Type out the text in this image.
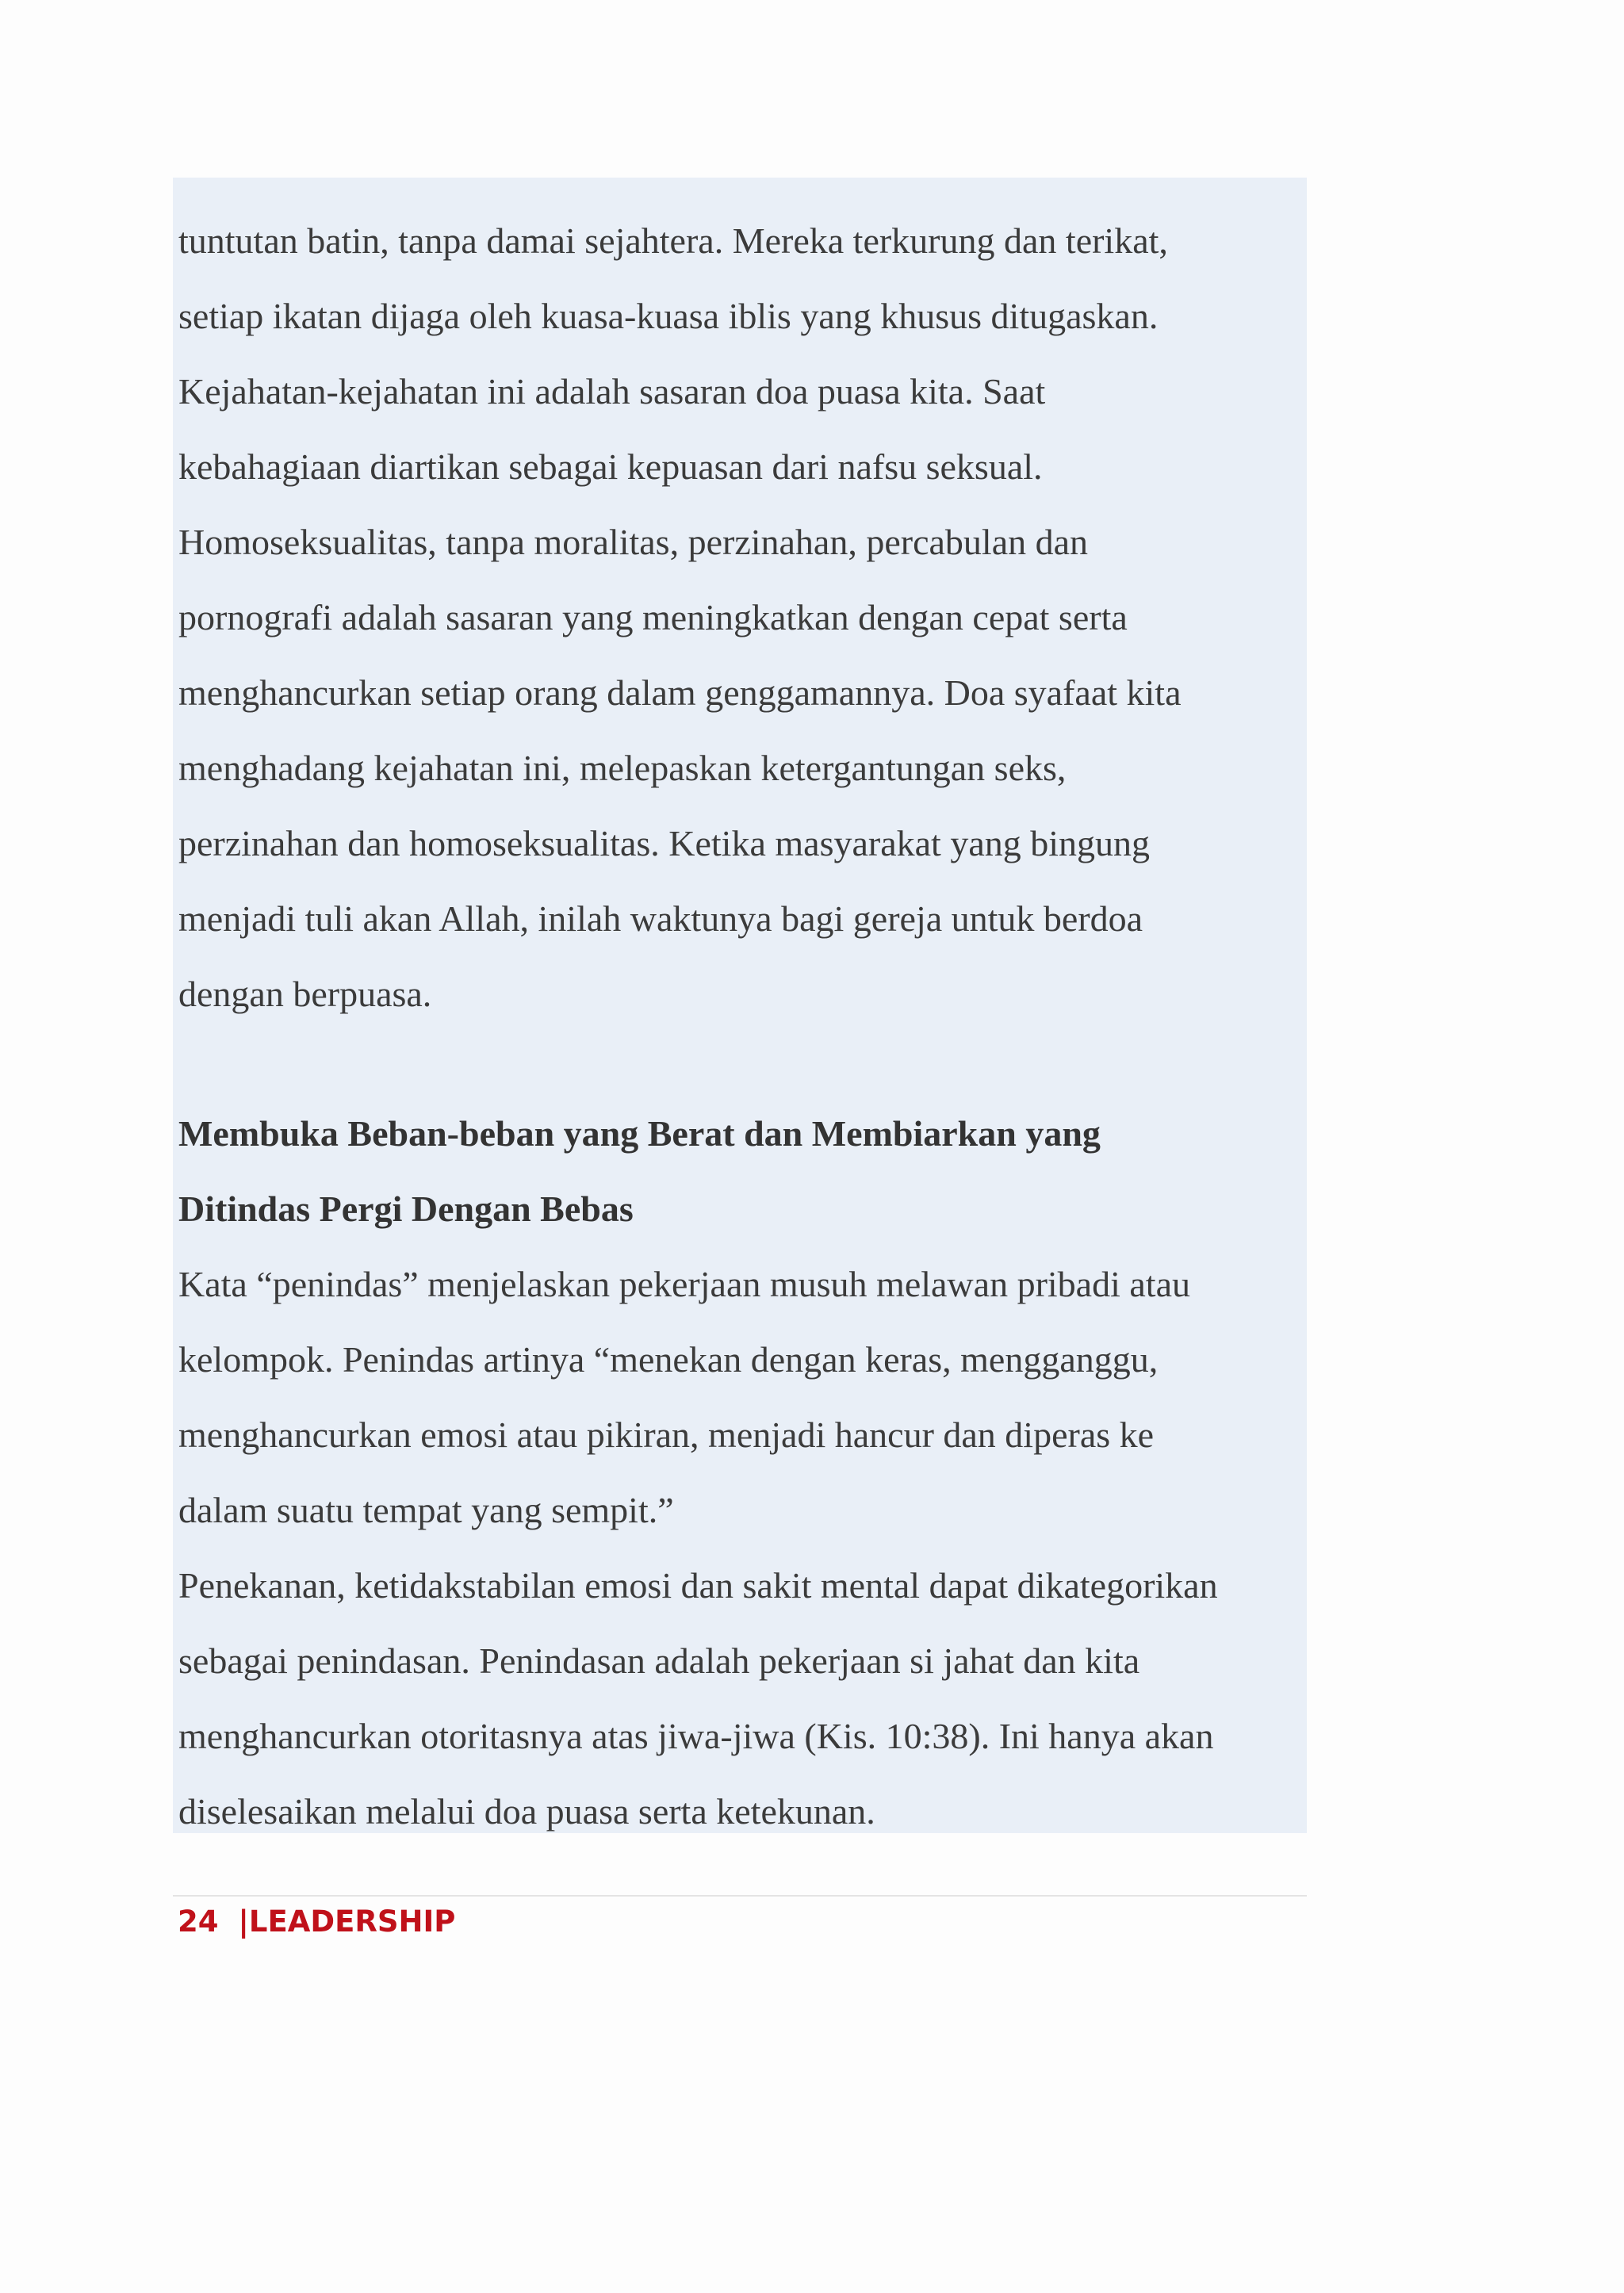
tuntutan batin, tanpa damai sejahtera. Mereka terkurung dan terikat,
setiap ikatan dijaga oleh kuasa-kuasa iblis yang khusus ditugaskan.
Kejahatan-kejahatan ini adalah sasaran doa puasa kita. Saat
kebahagiaan diartikan sebagai kepuasan dari nafsu seksual.
Homoseksualitas, tanpa moralitas, perzinahan, percabulan dan
pornografi adalah sasaran yang meningkatkan dengan cepat serta
menghancurkan setiap orang dalam genggamannya. Doa syafaat kita
menghadang kejahatan ini, melepaskan ketergantungan seks,
perzinahan dan homoseksualitas. Ketika masyarakat yang bingung
menjadi tuli akan Allah, inilah waktunya bagi gereja untuk berdoa
dengan berpuasa.
Membuka Beban-beban yang Berat dan Membiarkan yang
Ditindas Pergi Dengan Bebas
Kata “penindas” menjelaskan pekerjaan musuh melawan pribadi atau
kelompok. Penindas artinya “menekan dengan keras, mengganggu,
menghancurkan emosi atau pikiran, menjadi hancur dan diperas ke
dalam suatu tempat yang sempit.”
Penekanan, ketidakstabilan emosi dan sakit mental dapat dikategorikan
sebagai penindasan. Penindasan adalah pekerjaan si jahat dan kita
menghancurkan otoritasnya atas jiwa-jiwa (Kis. 10:38). Ini hanya akan
diselesaikan melalui doa puasa serta ketekunan.
24 |LEADERSHIP
